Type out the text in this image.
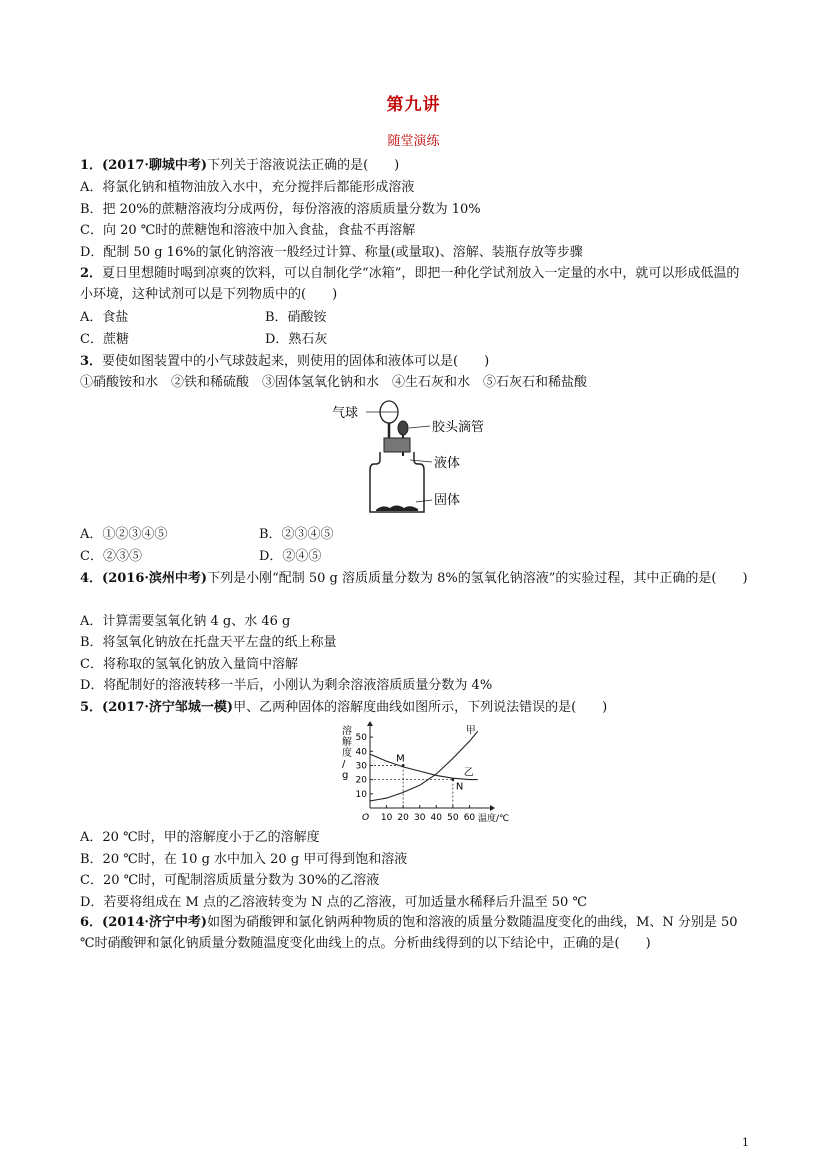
第九讲
随堂演练
1．(2017·聊城中考)下列关于溶液说法正确的是(　　)
A．将氯化钠和植物油放入水中，充分搅拌后都能形成溶液
B．把 20%的蔗糖溶液均分成两份，每份溶液的溶质质量分数为 10%
C．向 20 ℃时的蔗糖饱和溶液中加入食盐，食盐不再溶解
D．配制 50 g 16%的氯化钠溶液一般经过计算、称量(或量取)、溶解、装瓶存放等步骤
2．夏日里想随时喝到凉爽的饮料，可以自制化学“冰箱”，即把一种化学试剂放入一定量的水中，就可以形成低温的小环境，这种试剂可以是下列物质中的(　　)
A．食盐	B．硝酸铵
C．蔗糖	D．熟石灰
3．要使如图装置中的小气球鼓起来，则使用的固体和液体可以是(　　)
①硝酸铵和水　②铁和稀硫酸　③固体氢氧化钠和水　④生石灰和水　⑤石灰石和稀盐酸
气球
胶头滴管
液体
固体
A．①②③④⑤	B．②③④⑤
C．②③⑤	D．②④⑤
4．(2016·滨州中考)下列是小刚“配制 50 g 溶质质量分数为 8%的氢氧化钠溶液”的实验过程，其中正确的是(　　)
A．计算需要氢氧化钠 4 g、水 46 g
B．将氢氧化钠放在托盘天平左盘的纸上称量
C．将称取的氢氧化钠放入量筒中溶解
D．将配制好的溶液转移一半后，小刚认为剩余溶液溶质质量分数为 4%
5．(2017·济宁邹城一模)甲、乙两种固体的溶解度曲线如图所示，下列说法错误的是(　　)
溶
解
度
/
g
10
20
30
40
50
10 20 30 40 50 60
O	温度/℃
甲
乙
M
N
A．20 ℃时，甲的溶解度小于乙的溶解度
B．20 ℃时，在 10 g 水中加入 20 g 甲可得到饱和溶液
C．20 ℃时，可配制溶质质量分数为 30%的乙溶液
D．若要将组成在 M 点的乙溶液转变为 N 点的乙溶液，可加适量水稀释后升温至 50 ℃
6．(2014·济宁中考)如图为硝酸钾和氯化钠两种物质的饱和溶液的质量分数随温度变化的曲线，M、N 分别是 50 ℃时硝酸钾和氯化钠质量分数随温度变化曲线上的点。分析曲线得到的以下结论中，正确的是(　　)
1
